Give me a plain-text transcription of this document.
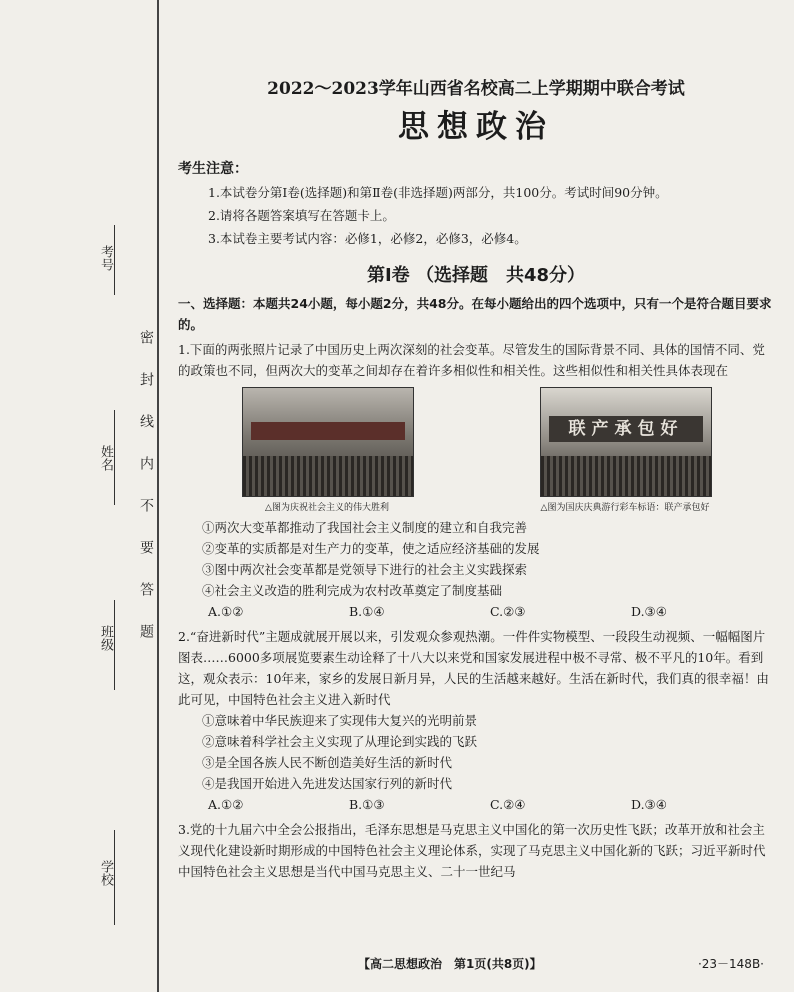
考号
姓名
班级
学校
密封线内不要答题
2022～2023学年山西省名校高二上学期期中联合考试
思想政治
考生注意：
1.本试卷分第Ⅰ卷(选择题)和第Ⅱ卷(非选择题)两部分，共100分。考试时间90分钟。
2.请将各题答案填写在答题卡上。
3.本试卷主要考试内容：必修1，必修2，必修3，必修4。
第Ⅰ卷 （选择题　共48分）
一、选择题：本题共24小题，每小题2分，共48分。在每小题给出的四个选项中，只有一个是符合题目要求的。
1.下面的两张照片记录了中国历史上两次深刻的社会变革。尽管发生的国际背景不同、具体的国情不同、党的政策也不同，但两次大的变革之间却存在着许多相似性和相关性。这些相似性和相关性具体表现在
△图为庆祝社会主义的伟大胜利
联产承包好
△图为国庆庆典游行彩车标语：联产承包好
①两次大变革都推动了我国社会主义制度的建立和自我完善
②变革的实质都是对生产力的变革，使之适应经济基础的发展
③图中两次社会变革都是党领导下进行的社会主义实践探索
④社会主义改造的胜利完成为农村改革奠定了制度基础
A.①②	B.①④	C.②③	D.③④
2.“奋进新时代”主题成就展开展以来，引发观众参观热潮。一件件实物模型、一段段生动视频、一幅幅图片图表……6000多项展览要素生动诠释了十八大以来党和国家发展进程中极不寻常、极不平凡的10年。看到这，观众表示：10年来，家乡的发展日新月异，人民的生活越来越好。生活在新时代，我们真的很幸福！由此可见，中国特色社会主义进入新时代
①意味着中华民族迎来了实现伟大复兴的光明前景
②意味着科学社会主义实现了从理论到实践的飞跃
③是全国各族人民不断创造美好生活的新时代
④是我国开始进入先进发达国家行列的新时代
A.①②	B.①③	C.②④	D.③④
3.党的十九届六中全会公报指出，毛泽东思想是马克思主义中国化的第一次历史性飞跃；改革开放和社会主义现代化建设新时期形成的中国特色社会主义理论体系，实现了马克思主义中国化新的飞跃；习近平新时代中国特色社会主义思想是当代中国马克思主义、二十一世纪马
【高二思想政治　第1页(共8页)】	·23－148B·
